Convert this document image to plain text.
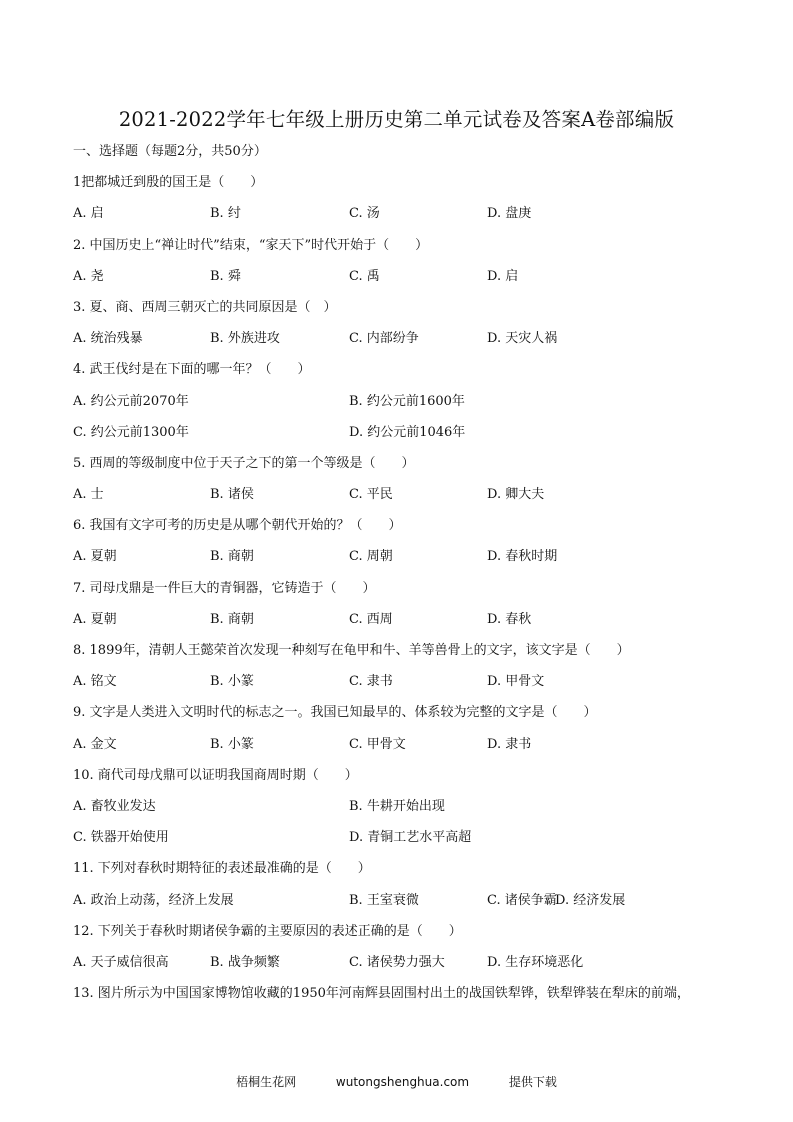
2021-2022学年七年级上册历史第二单元试卷及答案A卷部编版
一、选择题（每题2分，共50分）
1把都城迁到殷的国王是（　　）
A. 启	B. 纣	C. 汤	D. 盘庚
2. 中国历史上“禅让时代”结束，“家天下”时代开始于（　　）
A. 尧	B. 舜	C. 禹	D. 启
3. 夏、商、西周三朝灭亡的共同原因是（　）
A. 统治残暴	B. 外族进攻	C. 内部纷争	D. 天灾人祸
4. 武王伐纣是在下面的哪一年？（　　）
A. 约公元前2070年	B. 约公元前1600年
C. 约公元前1300年	D. 约公元前1046年
5. 西周的等级制度中位于天子之下的第一个等级是（　　）
A. 士	B. 诸侯	C. 平民	D. 卿大夫
6. 我国有文字可考的历史是从哪个朝代开始的？（　　）
A. 夏朝	B. 商朝	C. 周朝	D. 春秋时期
7. 司母戊鼎是一件巨大的青铜器，它铸造于（　　）
A. 夏朝	B. 商朝	C. 西周	D. 春秋
8. 1899年，清朝人王懿荣首次发现一种刻写在龟甲和牛、羊等兽骨上的文字，该文字是（　　）
A. 铭文	B. 小篆	C. 隶书	D. 甲骨文
9. 文字是人类进入文明时代的标志之一。我国已知最早的、体系较为完整的文字是（　　）
A. 金文	B. 小篆	C. 甲骨文	D. 隶书
10. 商代司母戊鼎可以证明我国商周时期（　　）
A. 畜牧业发达	B. 牛耕开始出现
C. 铁器开始使用	D. 青铜工艺水平高超
11. 下列对春秋时期特征的表述最准确的是（　　）
A. 政治上动荡，经济上发展	B. 王室衰微	C. 诸侯争霸
D. 经济发展
12. 下列关于春秋时期诸侯争霸的主要原因的表述正确的是（　　）
A. 天子威信很高	B. 战争频繁	C. 诸侯势力强大	D. 生存环境恶化
13. 图片所示为中国国家博物馆收藏的1950年河南辉县固围村出土的战国铁犁铧，铁犁铧装在犁床的前端，
梧桐生花网	wutongshenghua.com	提供下载
